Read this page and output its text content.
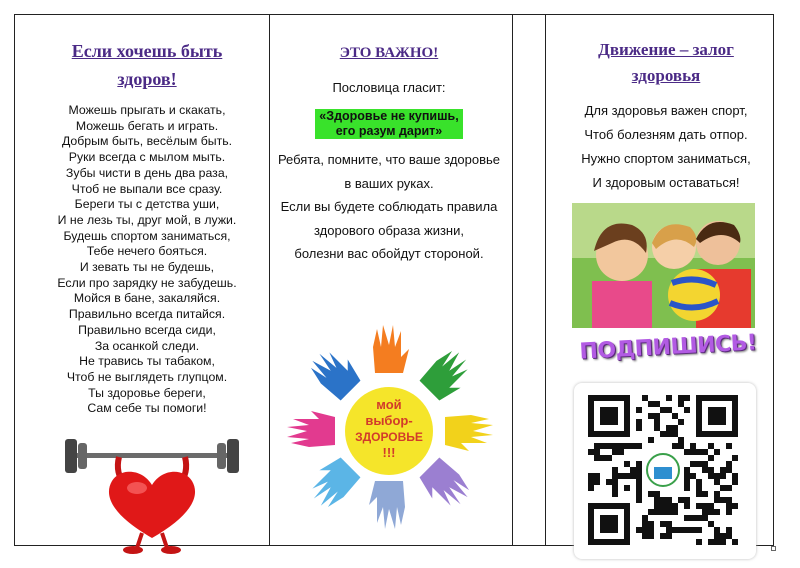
Если хочешь быть
здоров!
Можешь прыгать и скакать,
Можешь бегать и играть.
Добрым быть, весёлым быть.
Руки всегда с мылом мыть.
Зубы чисти в день два раза,
Чтоб не выпали все сразу.
Береги ты с детства уши,
И не лезь ты, друг мой, в лужи.
Будешь спортом заниматься,
Тебе нечего бояться.
И зевать ты не будешь,
Если про зарядку не забудешь.
Мойся в бане, закаляйся.
Правильно всегда питайся.
Правильно всегда сиди,
За осанкой следи.
Не травись ты табаком,
Чтоб не выглядеть глупцом.
Ты здоровье береги,
Сам себе ты помоги!
ЭТО ВАЖНО!
Пословица гласит:
«Здоровье не купишь,
его разум дарит»
Ребята, помните, что ваше здоровье
в ваших руках.
Если вы будете соблюдать правила
здорового образа жизни,
болезни вас обойдут стороной.
мой
выбор-
ЗДОРОВЬЕ
!!!
Движение – залог
здоровья
Для здоровья важен спорт,
Чтоб болезням дать отпор.
Нужно спортом заниматься,
И здоровым оставаться!
ПОДПИШИСЬ!
